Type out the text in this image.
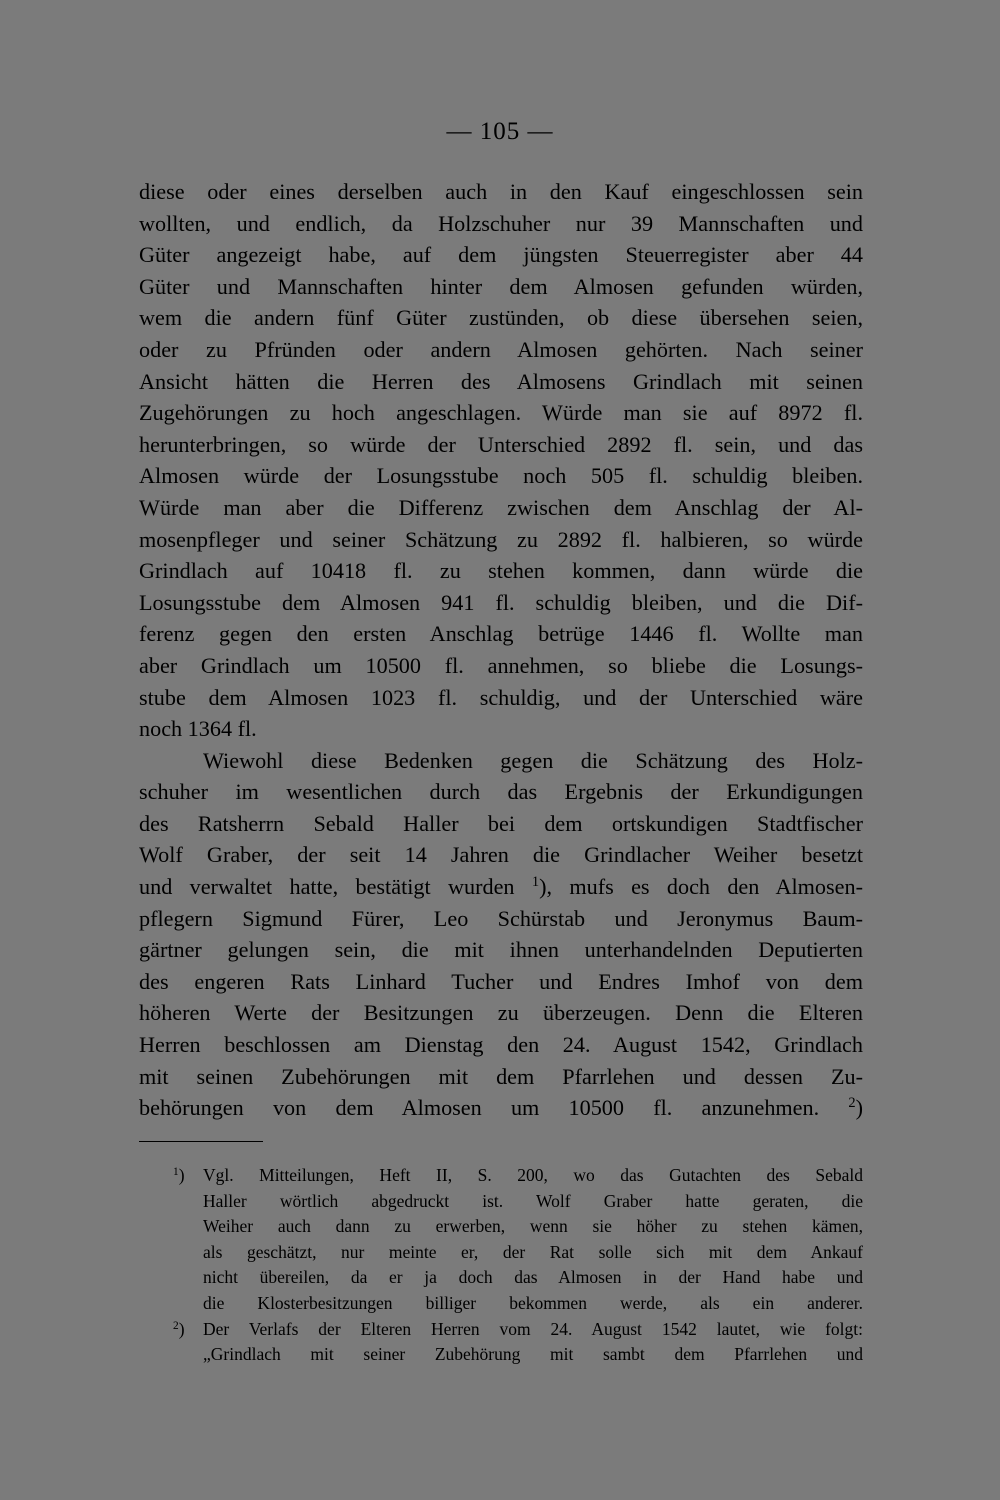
— 105 —
diese oder eines derselben auch in den Kauf eingeschlossen sein
wollten, und endlich, da Holzschuher nur 39 Mannschaften und
Güter angezeigt habe, auf dem jüngsten Steuerregister aber 44
Güter und Mannschaften hinter dem Almosen gefunden würden,
wem die andern fünf Güter zustünden, ob diese übersehen seien,
oder zu Pfründen oder andern Almosen gehörten. Nach seiner
Ansicht hätten die Herren des Almosens Grindlach mit seinen
Zugehörungen zu hoch angeschlagen. Würde man sie auf 8972 fl.
herunterbringen, so würde der Unterschied 2892 fl. sein, und das
Almosen würde der Losungsstube noch 505 fl. schuldig bleiben.
Würde man aber die Differenz zwischen dem Anschlag der Al-
mosenpfleger und seiner Schätzung zu 2892 fl. halbieren, so würde
Grindlach auf 10418 fl. zu stehen kommen, dann würde die
Losungsstube dem Almosen 941 fl. schuldig bleiben, und die Dif-
ferenz gegen den ersten Anschlag betrüge 1446 fl. Wollte man
aber Grindlach um 10500 fl. annehmen, so bliebe die Losungs-
stube dem Almosen 1023 fl. schuldig, und der Unterschied wäre
noch 1364 fl.
Wiewohl diese Bedenken gegen die Schätzung des Holz-
schuher im wesentlichen durch das Ergebnis der Erkundigungen
des Ratsherrn Sebald Haller bei dem ortskundigen Stadtfischer
Wolf Graber, der seit 14 Jahren die Grindlacher Weiher besetzt
und verwaltet hatte, bestätigt wurden $^1$), mufs es doch den Almosen-
pflegern Sigmund Fürer, Leo Schürstab und Jeronymus Baum-
gärtner gelungen sein, die mit ihnen unterhandelnden Deputierten
des engeren Rats Linhard Tucher und Endres Imhof von dem
höheren Werte der Besitzungen zu überzeugen. Denn die Elteren
Herren beschlossen am Dienstag den 24. August 1542, Grindlach
mit seinen Zubehörungen mit dem Pfarrlehen und dessen Zu-
behörungen von dem Almosen um 10500 fl. anzunehmen. $^2$)
$^1$) Vgl. Mitteilungen, Heft II, S. 200, wo das Gutachten des Sebald
Haller wörtlich abgedruckt ist. Wolf Graber hatte geraten, die
Weiher auch dann zu erwerben, wenn sie höher zu stehen kämen,
als geschätzt, nur meinte er, der Rat solle sich mit dem Ankauf
nicht übereilen, da er ja doch das Almosen in der Hand habe und
die Klosterbesitzungen billiger bekommen werde, als ein anderer.
$^2$) Der Verlafs der Elteren Herren vom 24. August 1542 lautet, wie folgt:
„Grindlach mit seiner Zubehörung mit sambt dem Pfarrlehen und
